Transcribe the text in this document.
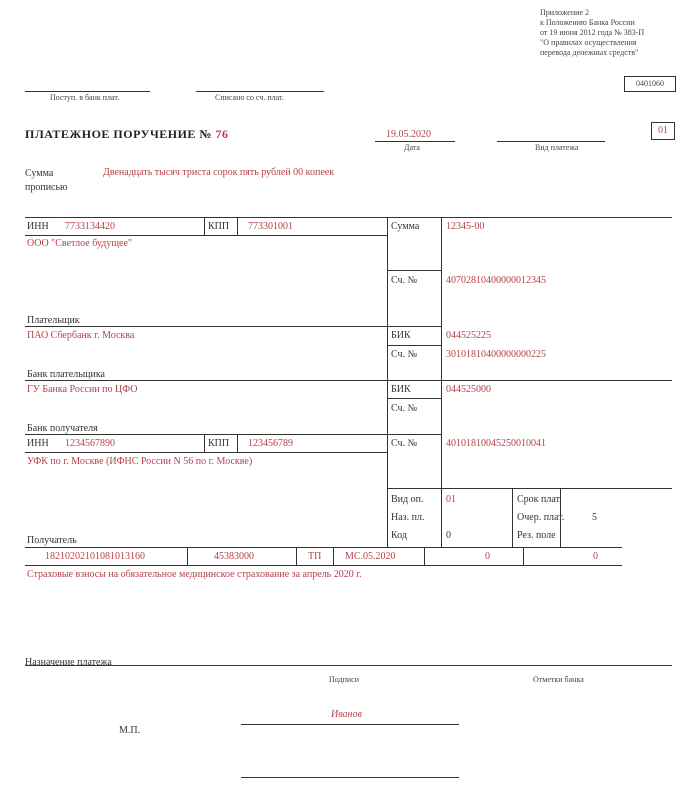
Приложение 2
к Положению Банка России
от 19 июня 2012 года № 383-П
"О правилах осуществления
перевода денежных средств"
0401060
Поступ. в банк плат.	Списано со сч. плат.
ПЛАТЕЖНОЕ ПОРУЧЕНИЕ № 76	19.05.2020
Дата	Вид платежа
01
Сумма
прописью
Двенадцать тысяч триста сорок пять рублей 00 копеек
ИНН 7733134420	КПП 773301001	Сумма	12345-00
ООО "Светлое будущее"
Сч. №	40702810400000012345
Плательщик
ПАО Сбербанк г. Москва	БИК	044525225
Сч. №	30101810400000000225
Банк плательщика
ГУ Банка России по ЦФО	БИК	044525000
Сч. №
Банк получателя
ИНН 1234567890	КПП 123456789	Сч. №	40101810045250010041
УФК по г. Москве (ИФНС России N 56 по г. Москве)
Вид оп. 01	Срок плат.
Наз. пл.	Очер. плат.	5
Код	0	Рез. поле
Получатель
18210202101081013160	45383000	ТП МС.05.2020	0	0
Страховые взносы на обязательное медицинское страхование за апрель 2020 г.
Назначение платежа
Подписи	Отметки банка
Иванов
М.П.
